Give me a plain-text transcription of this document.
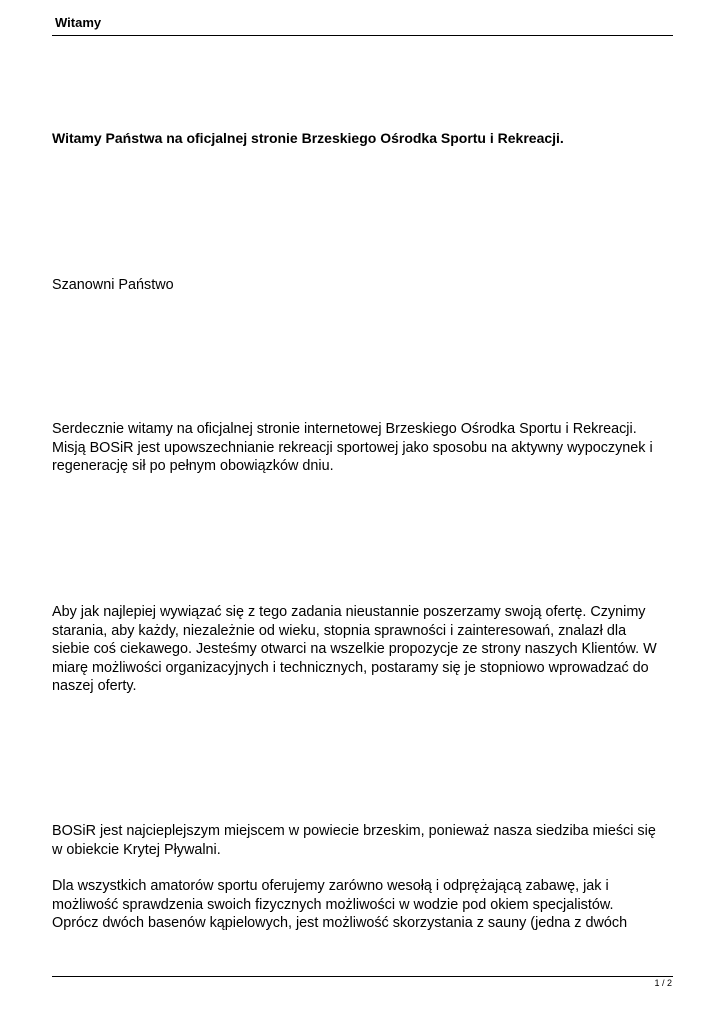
Witamy
Witamy Państwa na oficjalnej stronie Brzeskiego Ośrodka Sportu i Rekreacji.
Szanowni Państwo
Serdecznie witamy na oficjalnej stronie internetowej Brzeskiego Ośrodka Sportu i Rekreacji.
Misją BOSiR jest upowszechnianie rekreacji sportowej jako sposobu na aktywny wypoczynek i
regenerację sił po pełnym obowiązków dniu.
Aby jak najlepiej wywiązać się z tego zadania nieustannie poszerzamy swoją ofertę. Czynimy
starania, aby każdy, niezależnie od wieku, stopnia sprawności i zainteresowań, znalazł dla
siebie coś ciekawego. Jesteśmy otwarci na wszelkie propozycje ze strony naszych Klientów. W
miarę możliwości organizacyjnych i technicznych, postaramy się je stopniowo wprowadzać do
naszej oferty.
BOSiR jest najcieplejszym miejscem w powiecie brzeskim, ponieważ nasza siedziba mieści się
w obiekcie Krytej Pływalni.
Dla wszystkich amatorów sportu oferujemy zarówno wesołą i odprężającą zabawę, jak i
możliwość sprawdzenia swoich fizycznych możliwości w wodzie pod okiem specjalistów.
Oprócz dwóch basenów kąpielowych, jest możliwość skorzystania z sauny (jedna z dwóch
1 / 2
